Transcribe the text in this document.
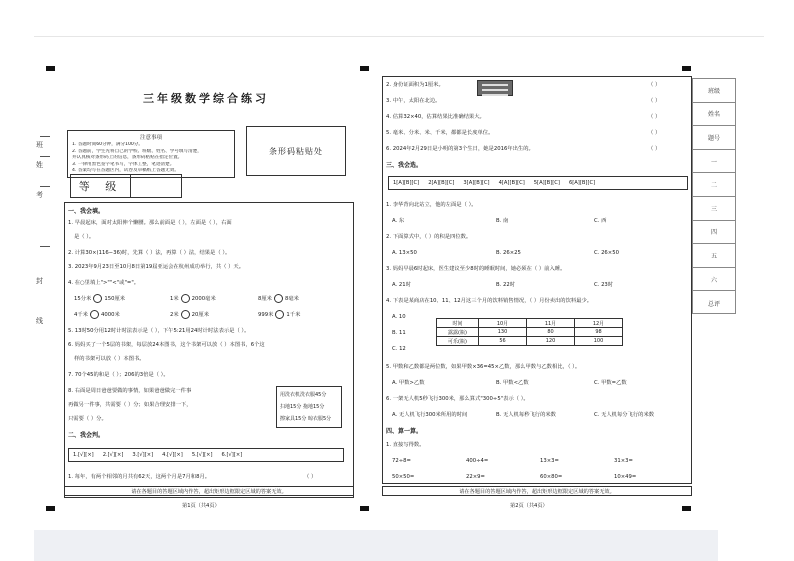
班
姓
考
封
线
三年级数学综合练习
注意事项
1. 答题时间60分钟，满分100分。
2. 答题前，学生先将自己的学校、班级、姓名、学号填写清楚，
并认真核对条形码上的信息，条形码粘贴在指定位置。
3. 一律用黑色签字笔书写，字体工整，笔迹清楚。
4. 答案均写在答题区内，试卷及草稿纸上答题无效。
条形码粘贴处
等 级
一、我会填。
1. 早晨起床，面对太阳伸个懒腰。那么前面是（ ），左面是（ ），右面
是（ ）。
2. 计算30×(116−36)时，先算（ ）法，再算（ ）法，结果是（ ）。
3. 2023年9月23日至10月8日第19届亚运会在杭州成功举行，共（ ）天。
4. 在○里填上">""<"或"="。
15分米 150厘米	1米 2000毫米	8厘米 8毫米
4千米 4000米	2米 20厘米	999米 1千米
5. 13时50分用12时计时法表示是（ ），下午5:21用24时计时法表示是（ ）。
6. 妈妈买了一个5层的书架，每层放24本图书，这个书架可以放（ ）本图书，6个这
样的书架可以放（ ）本图书。
7. 70个45的和是（ ）；206的3倍是（ ）。
8. 右面是周日爸爸要做的事情，如果爸爸做完一件事
再做另一件事，共需要（ ）分；如果合理安排一下，
只需要（ ）分。
用洗衣机洗衣服45分
扫地15分 拖地15分
擦家具15分 晾衣服5分
二、我会判。
1.[√][×] 2.[√][×] 3.[√][×] 4.[√][×] 5.[√][×] 6.[√][×]
1. 每年，有两个相邻的月共有62天，这两个月是7月和8月。	（ ）
请在各题目的答题区域内作答，超出矩形边框限定区域的答案无效。
第1页（共4页）
2. 身份证面积为1厘米。	（ ）
3. 中午，太阳在北边。	（ ）
4. 估算32×40，估算结果比准确结果大。	（ ）
5. 毫米、分米、米、千米，都都是长度单位。	（ ）
6. 2024年2月29日是小明的第3个生日，她是2016年出生的。	（ ）
三、我会选。
1[A][B][C] 2[A][B][C] 3[A][B][C] 4[A][B][C] 5[A][B][C] 6[A][B][C]
1. 李华背向北站立，他的左面是（ ）。
A. 东	B. 南	C. 西
2. 下面算式中，（ ）的积是四位数。
A. 13×50	B. 26×25	C. 26×50
3. 妈妈早晨6时起床，医生建议至少8时的睡眠时间，她必须在（ ）前入睡。
A. 21时	B. 22时	C. 23时
4. 下表是某商店在10、11、12月这三个月的饮料销售情况，（ ）月份卖出的饮料最少。
A. 10
B. 11
C. 12
时间	10月	11月	12月
露露(瓶)	130	80	98
可乐(瓶)	56	120	100
5. 甲数和乙数都是两位数，如果甲数×36=45×乙数，那么甲数与乙数相比，（ ）。
A. 甲数>乙数	B. 甲数<乙数	C. 甲数=乙数
6. 一架无人机5秒飞行300米，那么算式"300÷5"表示（ ）。
A. 无人机飞行300米所用的时间	B. 无人机每秒飞行的米数	C. 无人机每分飞行的米数
四、算一算。
1. 直接写得数。
72÷8=	400÷4=	13×3=	31×3=
50×50=	22×9=	60×80=	10×49=
请在各题目的答题区域内作答，超出矩形边框限定区域的答案无效。
第2页（共4页）
班级
姓名
题号
一
二
三
四
五
六
总评
